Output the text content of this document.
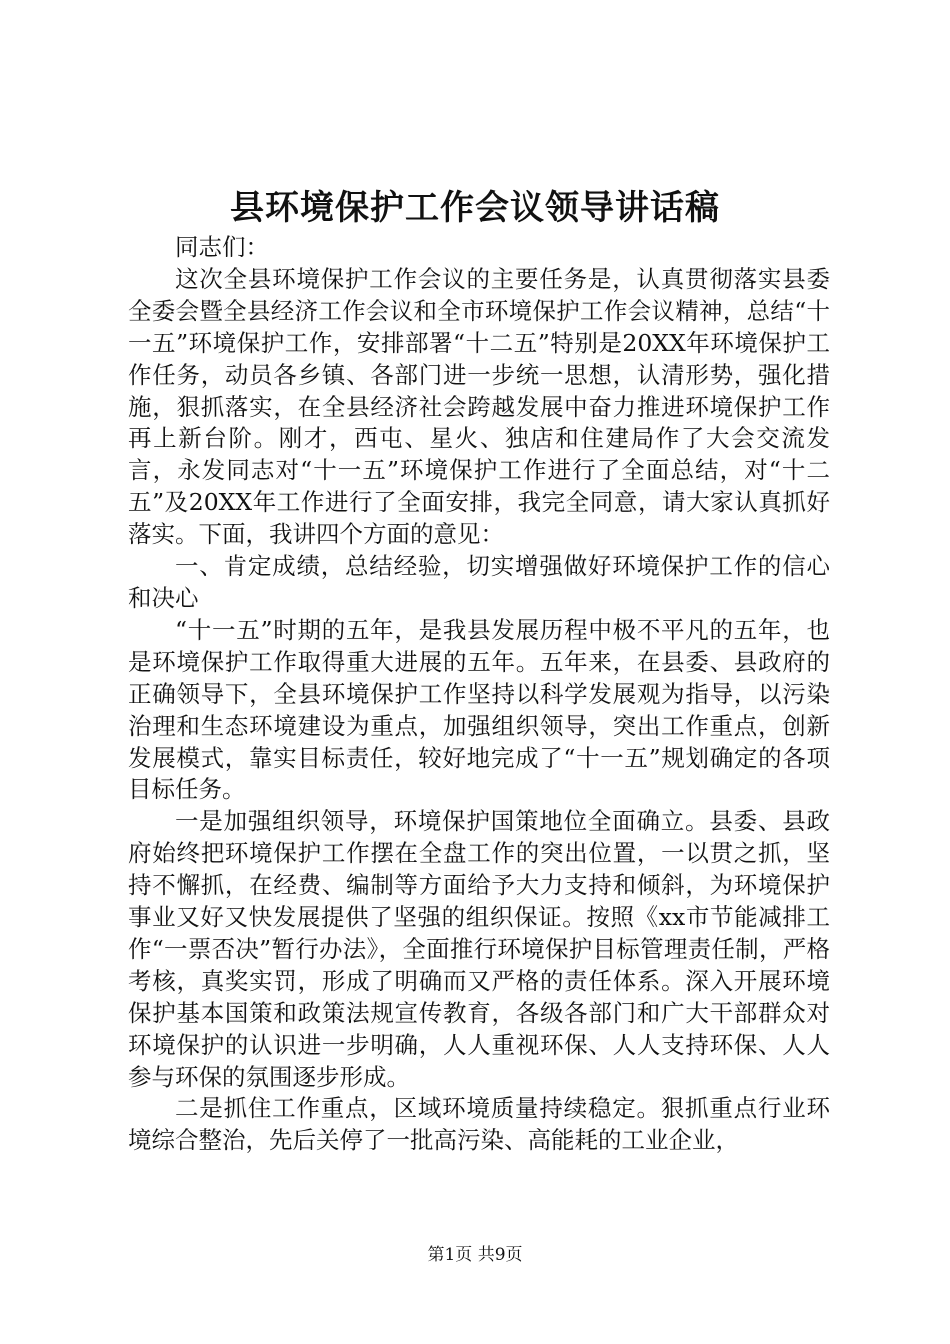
县环境保护工作会议领导讲话稿

同志们：

这次全县环境保护工作会议的主要任务是，认真贯彻落实县委全委会暨全县经济工作会议和全市环境保护工作会议精神，总结“十一五”环境保护工作，安排部署“十二五”特别是20XX年环境保护工作任务，动员各乡镇、各部门进一步统一思想，认清形势，强化措施，狠抓落实，在全县经济社会跨越发展中奋力推进环境保护工作再上新台阶。刚才，西屯、星火、独店和住建局作了大会交流发言，永发同志对“十一五”环境保护工作进行了全面总结，对“十二五”及20XX年工作进行了全面安排，我完全同意，请大家认真抓好落实。下面，我讲四个方面的意见：

一、肯定成绩，总结经验，切实增强做好环境保护工作的信心和决心

“十一五”时期的五年，是我县发展历程中极不平凡的五年，也是环境保护工作取得重大进展的五年。五年来，在县委、县政府的正确领导下，全县环境保护工作坚持以科学发展观为指导，以污染治理和生态环境建设为重点，加强组织领导，突出工作重点，创新发展模式，靠实目标责任，较好地完成了“十一五”规划确定的各项目标任务。

一是加强组织领导，环境保护国策地位全面确立。县委、县政府始终把环境保护工作摆在全盘工作的突出位置，一以贯之抓，坚持不懈抓，在经费、编制等方面给予大力支持和倾斜，为环境保护事业又好又快发展提供了坚强的组织保证。按照《xx市节能减排工作“一票否决”暂行办法》，全面推行环境保护目标管理责任制，严格考核，真奖实罚，形成了明确而又严格的责任体系。深入开展环境保护基本国策和政策法规宣传教育，各级各部门和广大干部群众对环境保护的认识进一步明确，人人重视环保、人人支持环保、人人参与环保的氛围逐步形成。

二是抓住工作重点，区域环境质量持续稳定。狠抓重点行业环境综合整治，先后关停了一批高污染、高能耗的工业企业，

第1页 共9页
